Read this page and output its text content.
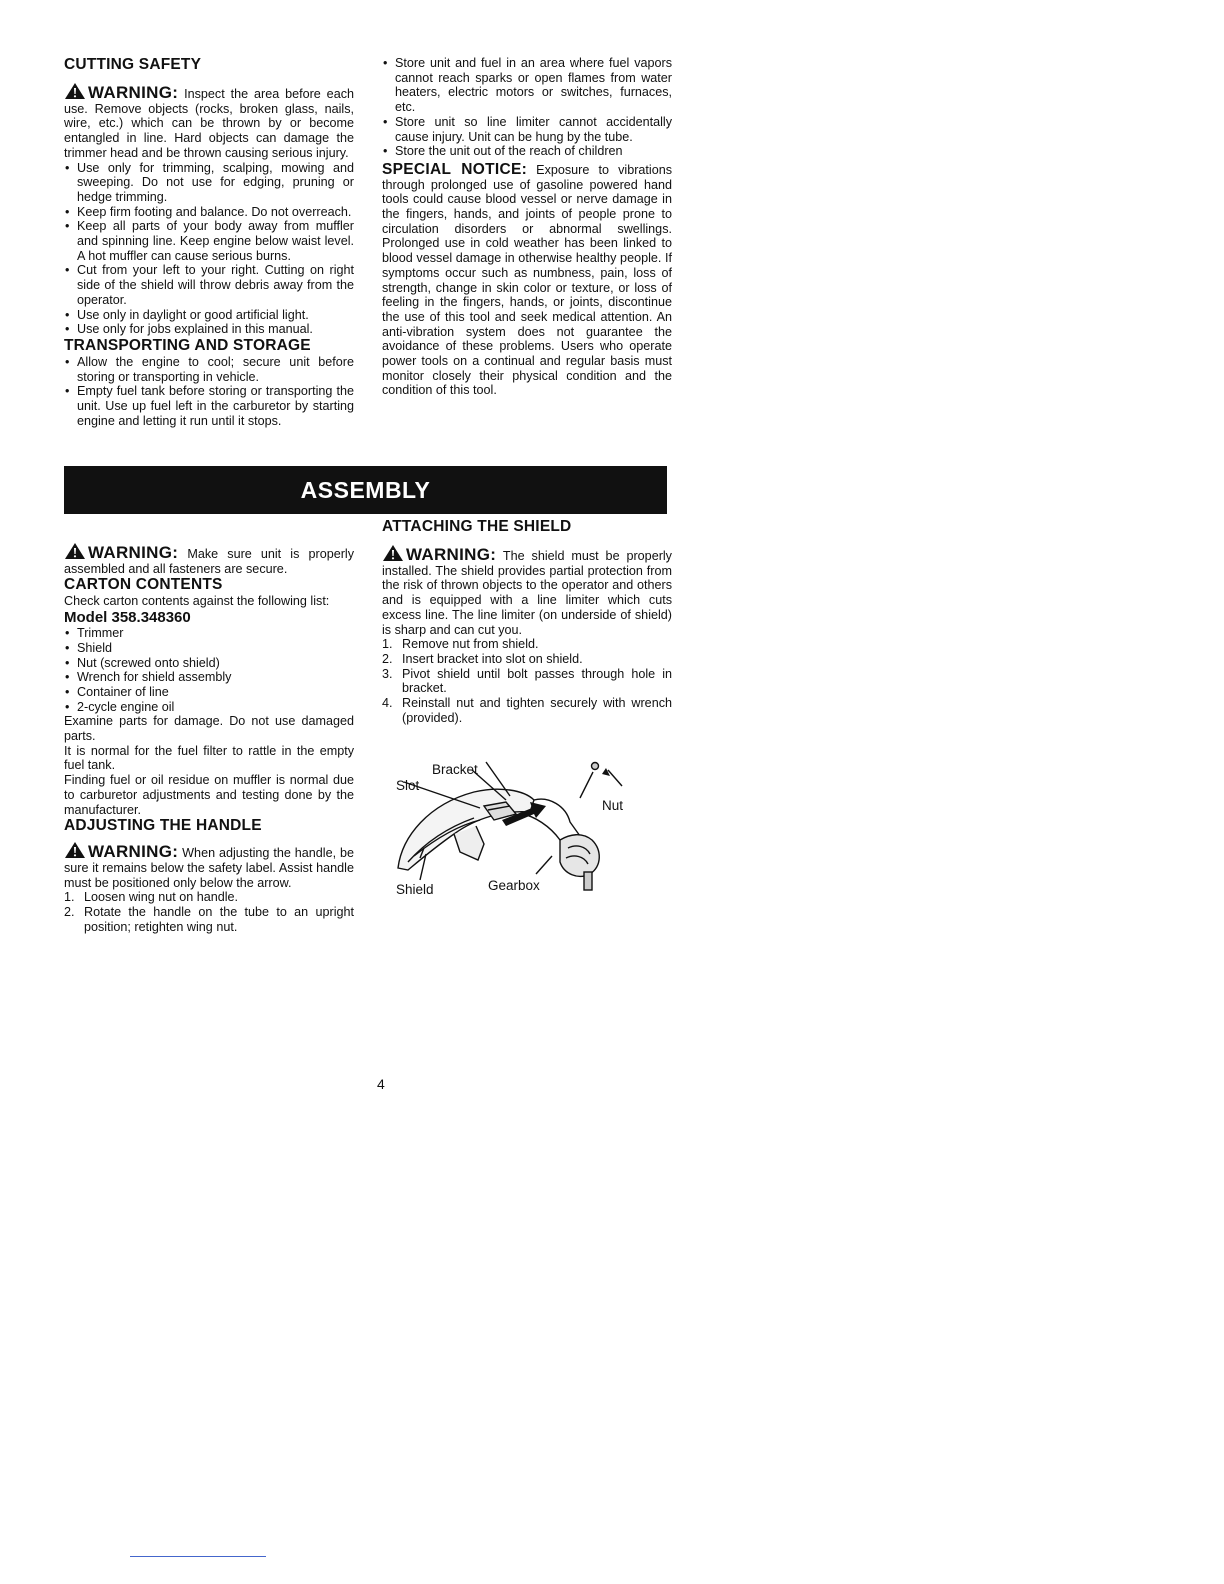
CUTTING SAFETY

WARNING: Inspect the area before each use. Remove objects (rocks, broken glass, nails, wire, etc.) which can be thrown by or become entangled in line. Hard objects can damage the trimmer head and be thrown causing serious injury.

• Use only for trimming, scalping, mowing and sweeping. Do not use for edging, pruning or hedge trimming.
• Keep firm footing and balance. Do not overreach.
• Keep all parts of your body away from muffler and spinning line. Keep engine below waist level. A hot muffler can cause serious burns.
• Cut from your left to your right. Cutting on right side of the shield will throw debris away from the operator.
• Use only in daylight or good artificial light.
• Use only for jobs explained in this manual.
TRANSPORTING AND STORAGE
• Allow the engine to cool; secure unit before storing or transporting in vehicle.
• Empty fuel tank before storing or transporting the unit. Use up fuel left in the carburetor by starting engine and letting it run until it stops.
• Store unit and fuel in an area where fuel vapors cannot reach sparks or open flames from water heaters, electric motors or switches, furnaces, etc.
• Store unit so line limiter cannot accidentally cause injury. Unit can be hung by the tube.
• Store the unit out of the reach of children

SPECIAL NOTICE: Exposure to vibrations through prolonged use of gasoline powered hand tools could cause blood vessel or nerve damage in the fingers, hands, and joints of people prone to circulation disorders or abnormal swellings. Prolonged use in cold weather has been linked to blood vessel damage in otherwise healthy people. If symptoms occur such as numbness, pain, loss of strength, change in skin color or texture, or loss of feeling in the fingers, hands, or joints, discontinue the use of this tool and seek medical attention. An anti-vibration system does not guarantee the avoidance of these problems. Users who operate power tools on a continual and regular basis must monitor closely their physical condition and the condition of this tool.

ASSEMBLY

WARNING: Make sure unit is properly assembled and all fasteners are secure.

CARTON CONTENTS

Check carton contents against the following list:

Model 358.348360
• Trimmer
• Shield
• Nut (screwed onto shield)
• Wrench for shield assembly
• Container of line
• 2-cycle engine oil

Examine parts for damage. Do not use damaged parts.

It is normal for the fuel filter to rattle in the empty fuel tank.

Finding fuel or oil residue on muffler is normal due to carburetor adjustments and testing done by the manufacturer.

ADJUSTING THE HANDLE

WARNING: When adjusting the handle, be sure it remains below the safety label. Assist handle must be positioned only below the arrow.

1. Loosen wing nut on handle.
2. Rotate the handle on the tube to an upright position; retighten wing nut.
ATTACHING THE SHIELD

WARNING: The shield must be properly installed. The shield provides partial protection from the risk of thrown objects to the operator and others and is equipped with a line limiter which cuts excess line. The line limiter (on underside of shield) is sharp and can cut you.

1. Remove nut from shield.
2. Insert bracket into slot on shield.
3. Pivot shield until bolt passes through hole in bracket.
4. Reinstall nut and tighten securely with wrench (provided).
Bracket
Slot
Nut
Shield	Gearbox
4
